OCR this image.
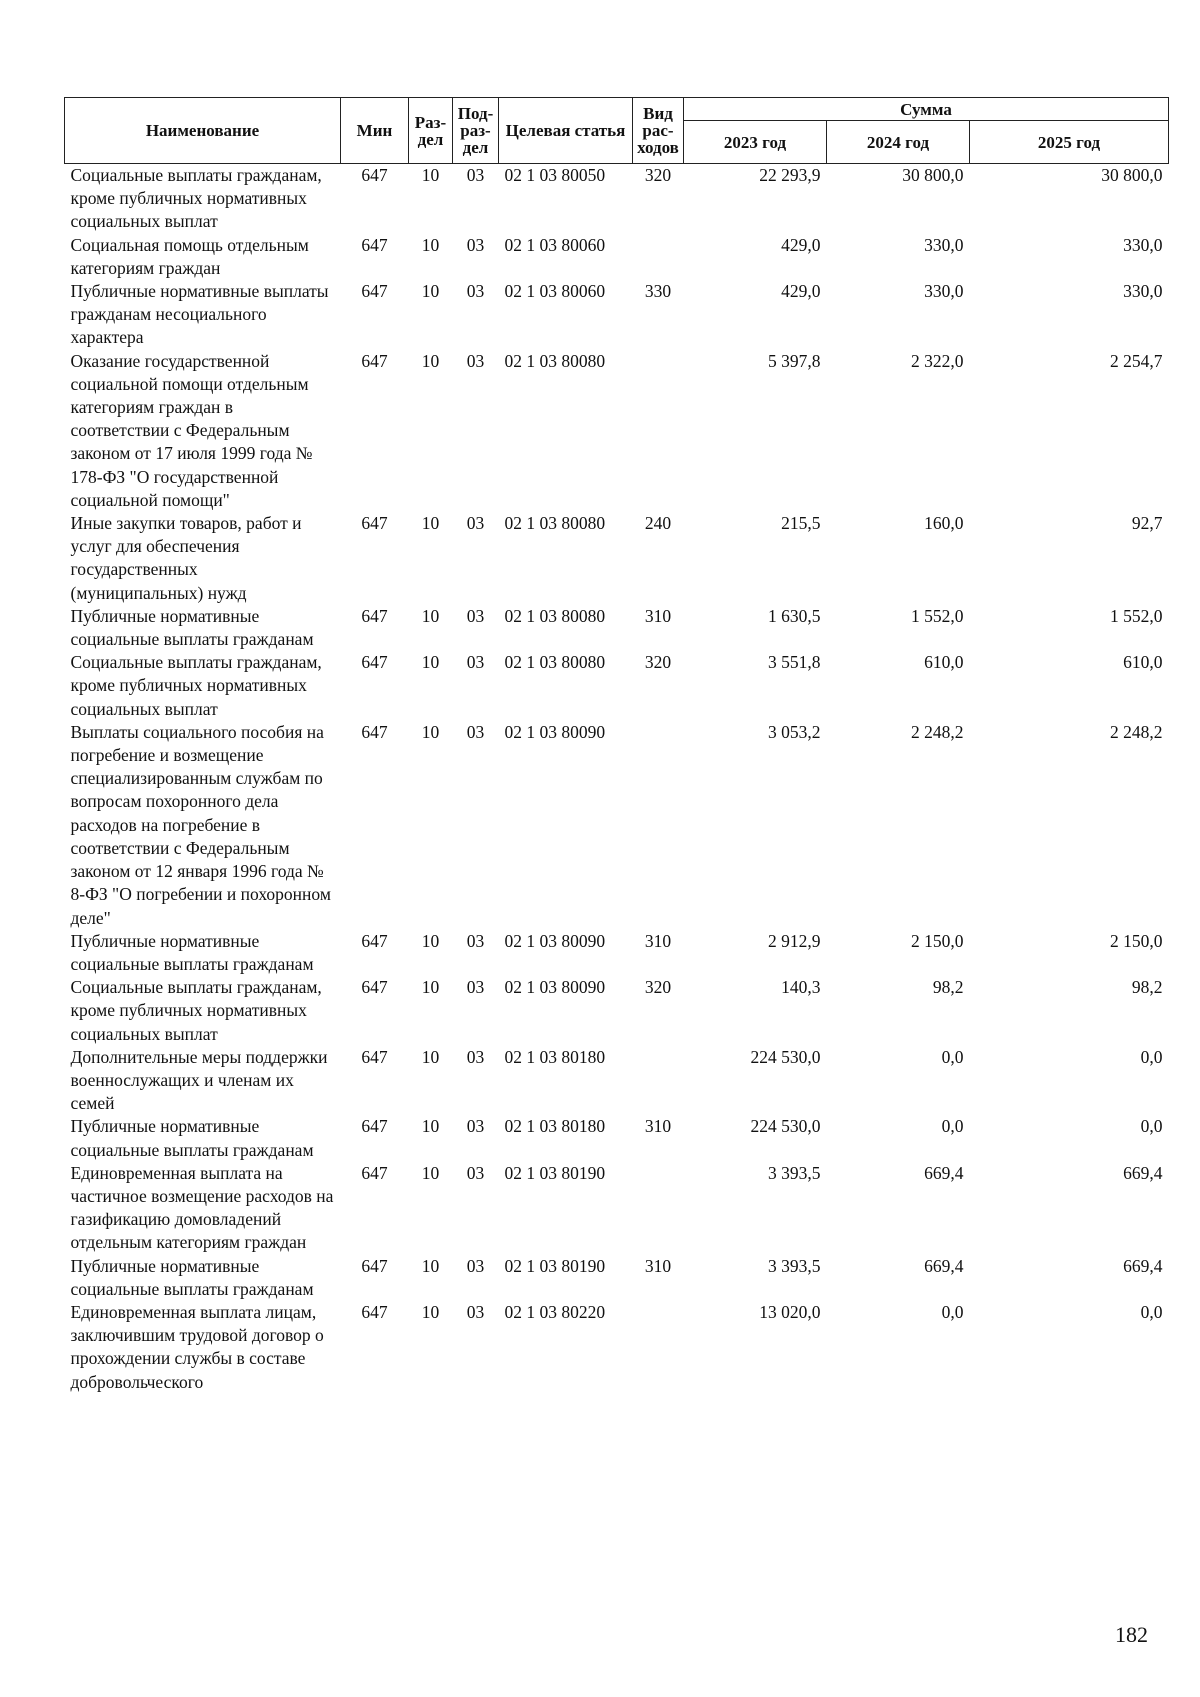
Наименование	Мин	Раз-дел	Под-раз-дел	Целевая статья	Вид рас-ходов	Сумма		
						2023 год	2024 год	2025 год
Социальные выплаты гражданам, кроме публичных нормативных социальных выплат	647	10	03	02 1 03 80050	320	22 293,9	30 800,0	30 800,0
Социальная помощь отдельным категориям граждан	647	10	03	02 1 03 80060		429,0	330,0	330,0
Публичные нормативные выплаты гражданам несоциального характера	647	10	03	02 1 03 80060	330	429,0	330,0	330,0
Оказание государственной социальной помощи отдельным категориям граждан в соответствии с Федеральным законом от 17 июля 1999 года № 178-ФЗ "О государственной социальной помощи"	647	10	03	02 1 03 80080		5 397,8	2 322,0	2 254,7
Иные закупки товаров, работ и услуг для обеспечения государственных (муниципальных) нужд	647	10	03	02 1 03 80080	240	215,5	160,0	92,7
Публичные нормативные социальные выплаты гражданам	647	10	03	02 1 03 80080	310	1 630,5	1 552,0	1 552,0
Социальные выплаты гражданам, кроме публичных нормативных социальных выплат	647	10	03	02 1 03 80080	320	3 551,8	610,0	610,0
Выплаты социального пособия на погребение и возмещение специализированным службам по вопросам похоронного дела расходов на погребение в соответствии с Федеральным законом от 12 января 1996 года № 8-ФЗ "О погребении и похоронном деле"	647	10	03	02 1 03 80090		3 053,2	2 248,2	2 248,2
Публичные нормативные социальные выплаты гражданам	647	10	03	02 1 03 80090	310	2 912,9	2 150,0	2 150,0
Социальные выплаты гражданам, кроме публичных нормативных социальных выплат	647	10	03	02 1 03 80090	320	140,3	98,2	98,2
Дополнительные меры поддержки военнослужащих и членам их семей	647	10	03	02 1 03 80180		224 530,0	0,0	0,0
Публичные нормативные социальные выплаты гражданам	647	10	03	02 1 03 80180	310	224 530,0	0,0	0,0
Единовременная выплата на частичное возмещение расходов на газификацию домовладений отдельным категориям граждан	647	10	03	02 1 03 80190		3 393,5	669,4	669,4
Публичные нормативные социальные выплаты гражданам	647	10	03	02 1 03 80190	310	3 393,5	669,4	669,4
Единовременная выплата лицам, заключившим трудовой договор о прохождении службы в составе добровольческого	647	10	03	02 1 03 80220		13 020,0	0,0	0,0
182
